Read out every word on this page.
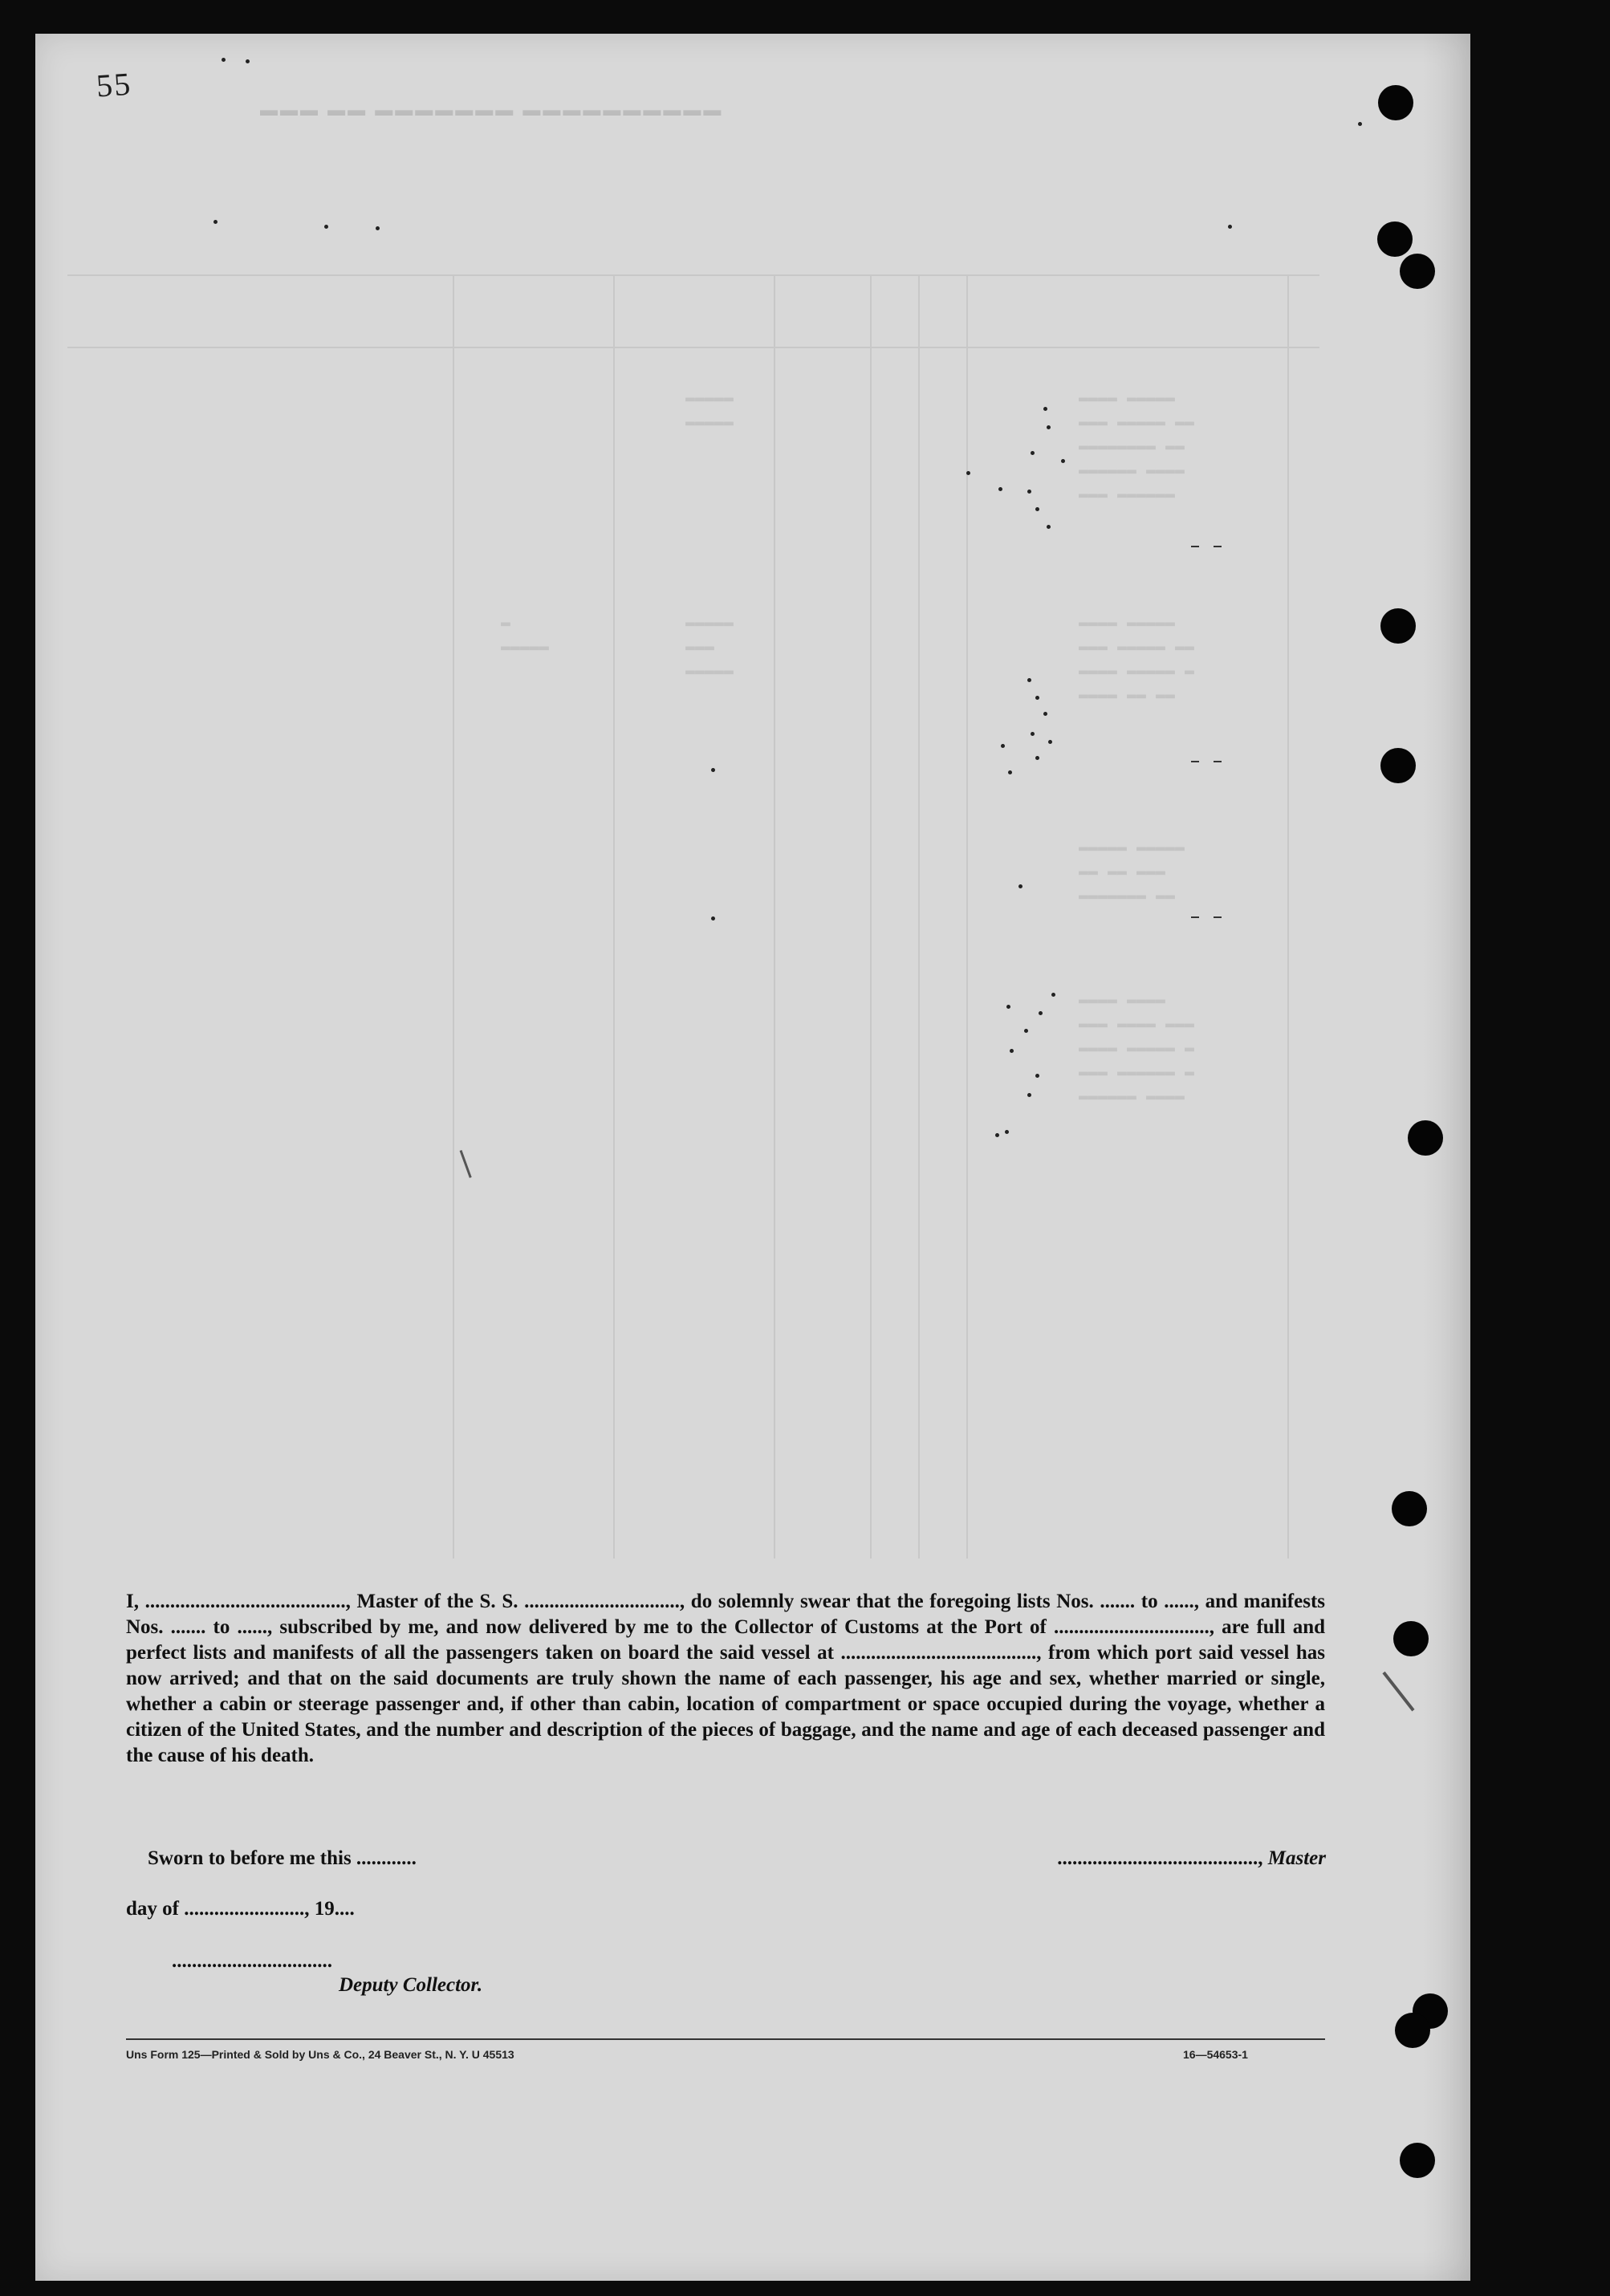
▬▬▬ ▬▬ ▬▬▬▬▬▬▬ ▬▬▬▬▬▬▬▬▬▬
▬▬▬▬ ▬▬▬▬▬
▬▬▬ ▬▬▬▬▬ ▬▬
▬▬▬▬▬▬▬▬ ▬▬
▬▬▬▬▬▬ ▬▬▬▬
▬▬▬ ▬▬▬▬▬▬
▬▬▬▬ ▬▬▬▬▬
▬▬▬ ▬▬▬▬▬ ▬▬
▬▬▬▬ ▬▬▬▬▬ ▬
▬▬▬▬ ▬▬ ▬▬
▬▬▬▬▬ ▬▬▬▬▬
▬▬ ▬▬ ▬▬▬
▬▬▬▬▬▬▬ ▬▬
▬▬▬▬ ▬▬▬▬
▬▬▬ ▬▬▬▬ ▬▬▬
▬▬▬▬ ▬▬▬▬▬ ▬
▬▬▬ ▬▬▬▬▬▬ ▬
▬▬▬▬▬▬ ▬▬▬▬
▬▬▬▬▬
▬▬▬▬▬
▬▬▬▬▬
▬▬▬
▬▬▬▬▬
▬
▬▬▬▬▬
55

I, ........................................, Master of the S. S. ..............................., do solemnly swear that the foregoing lists Nos. ....... to ......, and manifests Nos. ....... to ......, subscribed by me, and now delivered by me to the Collector of Customs at the Port of ..............................., are full and perfect lists and manifests of all the passengers taken on board the said vessel at ......................................., from which port said vessel has now arrived; and that on the said documents are truly shown the name of each passenger, his age and sex, whether married or single, whether a cabin or steerage passenger and, if other than cabin, location of compartment or space occupied during the voyage, whether a citizen of the United States, and the number and description of the pieces of baggage, and the name and age of each deceased passenger and the cause of his death.

Sworn to before me this ............	........................................, Master
day of ........................, 19....
................................
Deputy Collector.
Uns Form 125—Printed & Sold by Uns & Co., 24 Beaver St., N. Y. U 45513	16—54653-1
